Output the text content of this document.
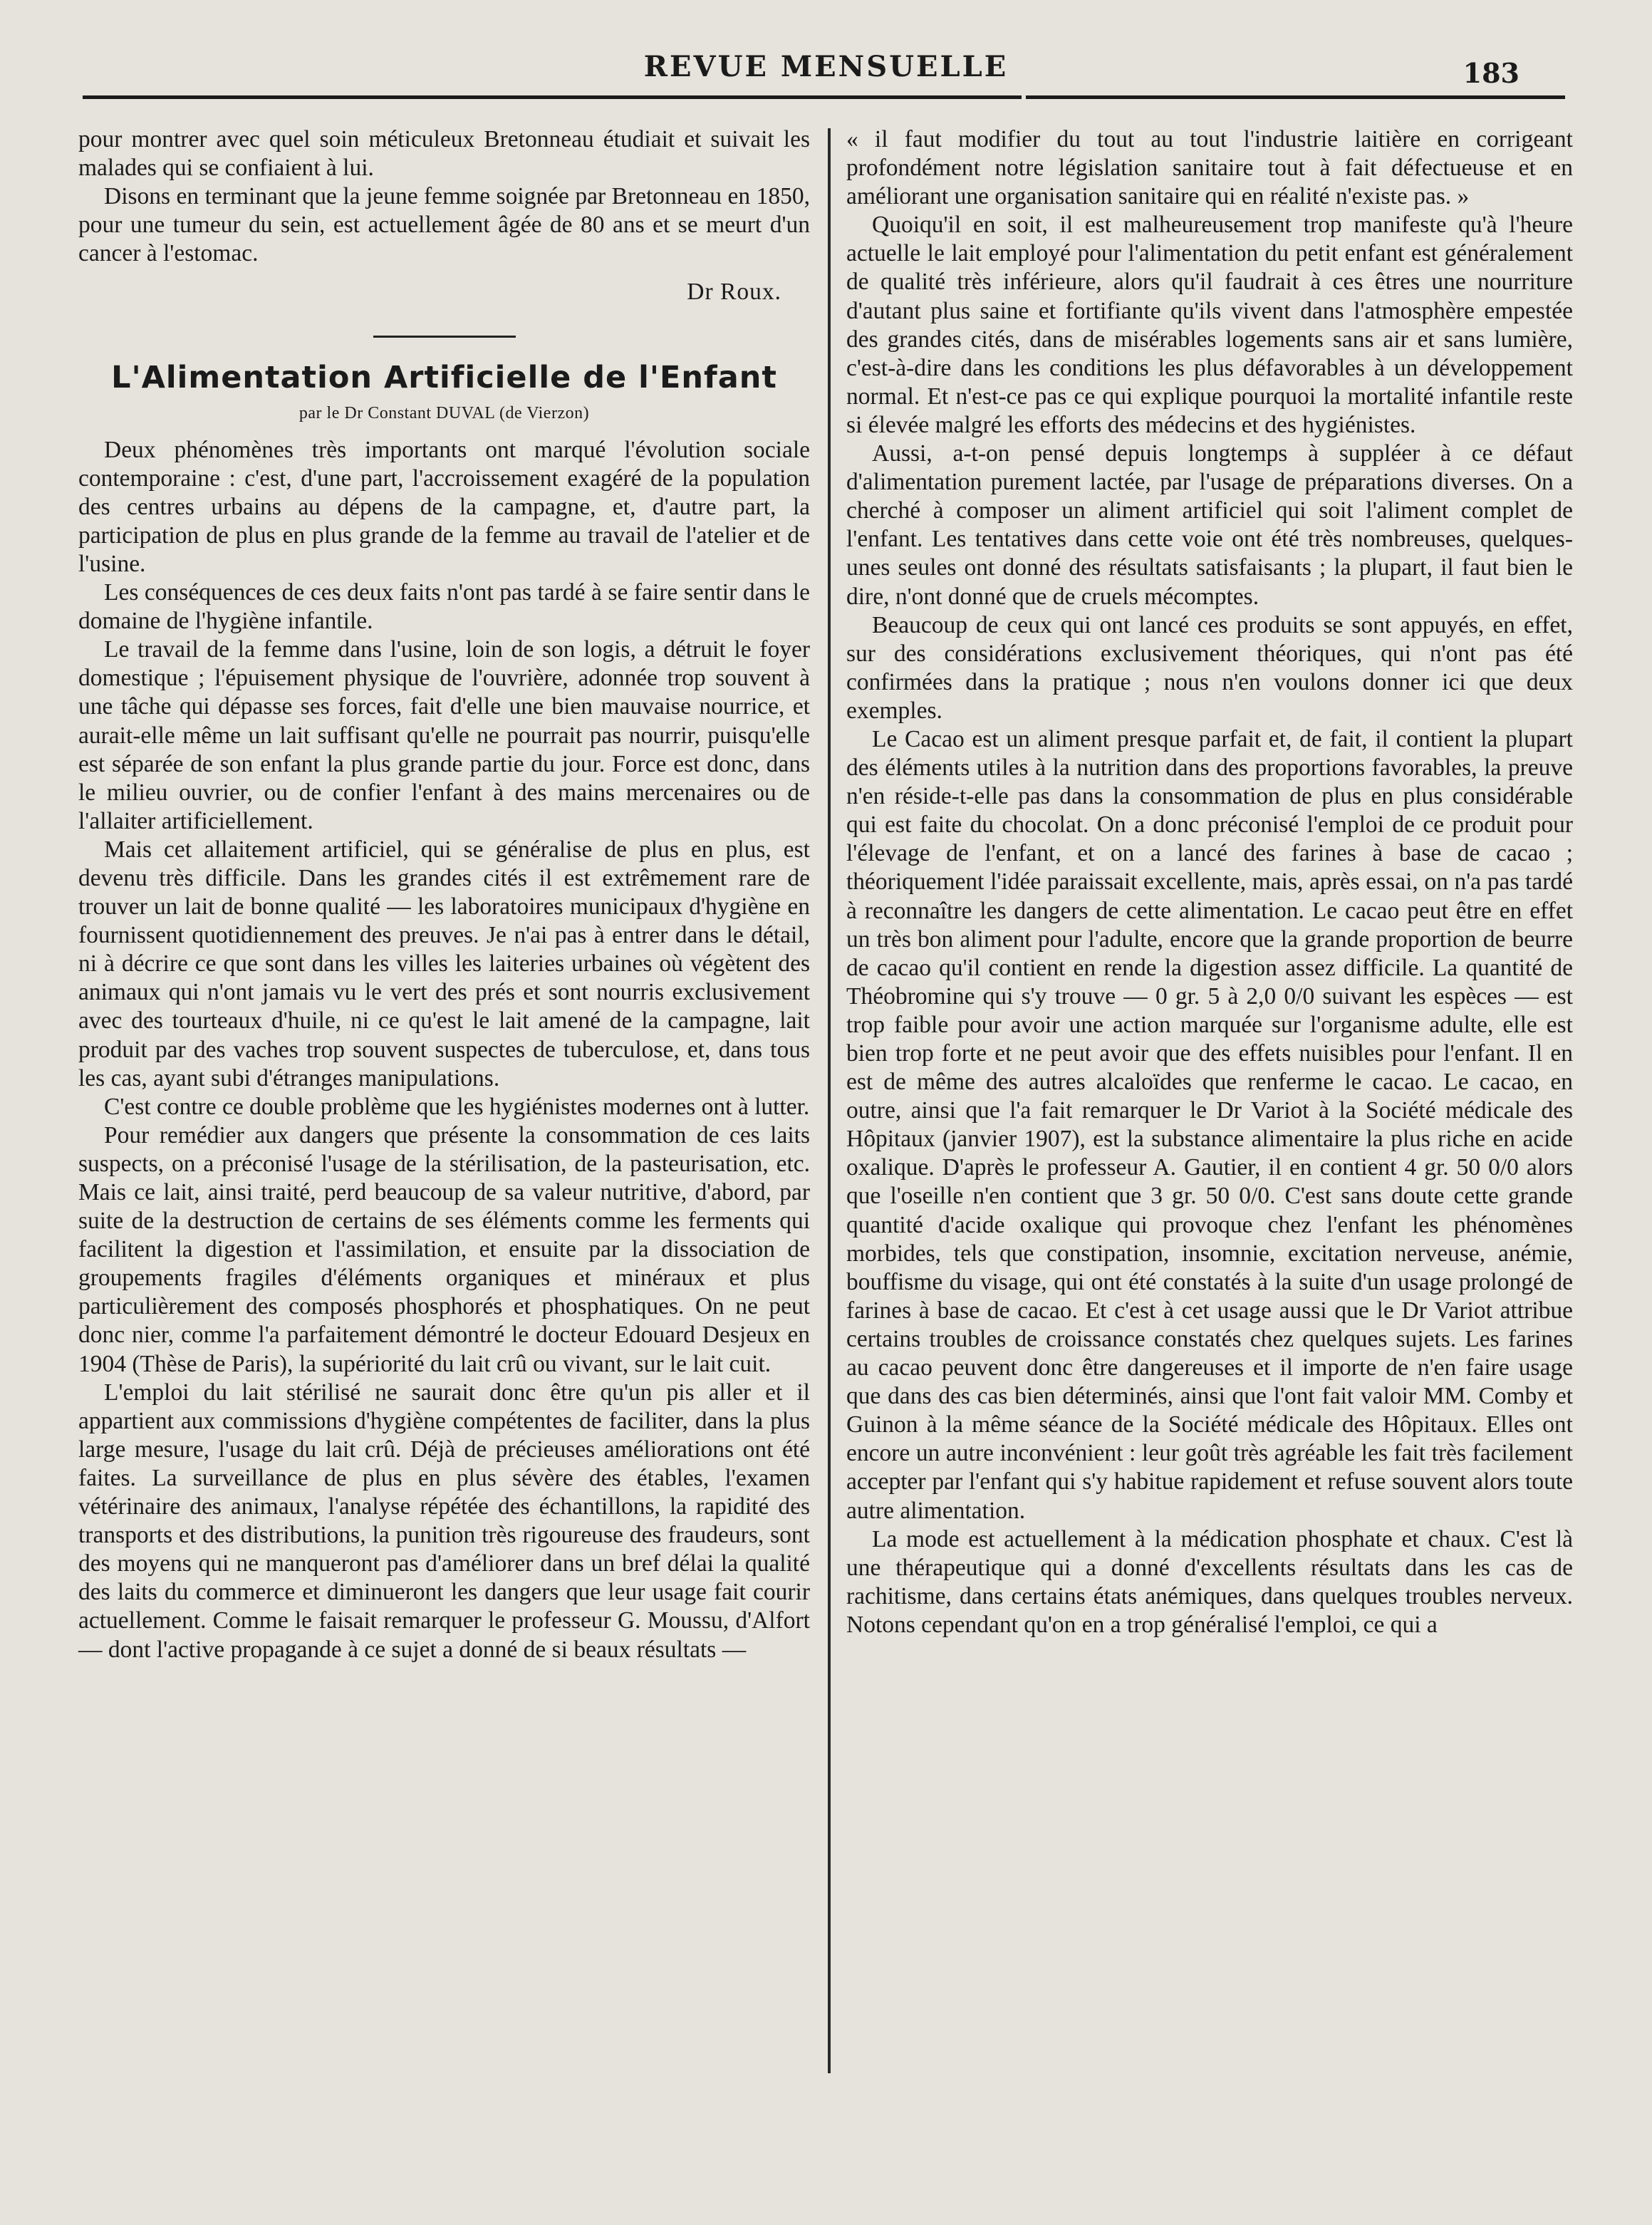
REVUE MENSUELLE	183

pour montrer avec quel soin méticuleux Bretonneau étudiait et suivait les malades qui se confiaient à lui.

Disons en terminant que la jeune femme soignée par Bretonneau en 1850, pour une tumeur du sein, est actuellement âgée de 80 ans et se meurt d'un cancer à l'estomac.

Dr Roux.

L'Alimentation Artificielle de l'Enfant

par le Dr Constant DUVAL (de Vierzon)

Deux phénomènes très importants ont marqué l'évolution sociale contemporaine : c'est, d'une part, l'accroissement exagéré de la population des centres urbains au dépens de la campagne, et, d'autre part, la participation de plus en plus grande de la femme au travail de l'atelier et de l'usine.

Les conséquences de ces deux faits n'ont pas tardé à se faire sentir dans le domaine de l'hygiène infantile.

Le travail de la femme dans l'usine, loin de son logis, a détruit le foyer domestique ; l'épuisement physique de l'ouvrière, adonnée trop souvent à une tâche qui dépasse ses forces, fait d'elle une bien mauvaise nourrice, et aurait-elle même un lait suffisant qu'elle ne pourrait pas nourrir, puisqu'elle est séparée de son enfant la plus grande partie du jour. Force est donc, dans le milieu ouvrier, ou de confier l'enfant à des mains mercenaires ou de l'allaiter artificiellement.

Mais cet allaitement artificiel, qui se généralise de plus en plus, est devenu très difficile. Dans les grandes cités il est extrêmement rare de trouver un lait de bonne qualité — les laboratoires municipaux d'hygiène en fournissent quotidiennement des preuves. Je n'ai pas à entrer dans le détail, ni à décrire ce que sont dans les villes les laiteries urbaines où végètent des animaux qui n'ont jamais vu le vert des prés et sont nourris exclusivement avec des tourteaux d'huile, ni ce qu'est le lait amené de la campagne, lait produit par des vaches trop souvent suspectes de tuberculose, et, dans tous les cas, ayant subi d'étranges manipulations.

C'est contre ce double problème que les hygiénistes modernes ont à lutter.

Pour remédier aux dangers que présente la consommation de ces laits suspects, on a préconisé l'usage de la stérilisation, de la pasteurisation, etc. Mais ce lait, ainsi traité, perd beaucoup de sa valeur nutritive, d'abord, par suite de la destruction de certains de ses éléments comme les ferments qui facilitent la digestion et l'assimilation, et ensuite par la dissociation de groupements fragiles d'éléments organiques et minéraux et plus particulièrement des composés phosphorés et phosphatiques. On ne peut donc nier, comme l'a parfaitement démontré le docteur Edouard Desjeux en 1904 (Thèse de Paris), la supériorité du lait crû ou vivant, sur le lait cuit.

L'emploi du lait stérilisé ne saurait donc être qu'un pis aller et il appartient aux commissions d'hygiène compétentes de faciliter, dans la plus large mesure, l'usage du lait crû. Déjà de précieuses améliorations ont été faites. La surveillance de plus en plus sévère des étables, l'examen vétérinaire des animaux, l'analyse répétée des échantillons, la rapidité des transports et des distributions, la punition très rigoureuse des fraudeurs, sont des moyens qui ne manqueront pas d'améliorer dans un bref délai la qualité des laits du commerce et diminueront les dangers que leur usage fait courir actuellement. Comme le faisait remarquer le professeur G. Moussu, d'Alfort — dont l'active propagande à ce sujet a donné de si beaux résultats —

« il faut modifier du tout au tout l'industrie laitière en corrigeant profondément notre législation sanitaire tout à fait défectueuse et en améliorant une organisation sanitaire qui en réalité n'existe pas. »

Quoiqu'il en soit, il est malheureusement trop manifeste qu'à l'heure actuelle le lait employé pour l'alimentation du petit enfant est généralement de qualité très inférieure, alors qu'il faudrait à ces êtres une nourriture d'autant plus saine et fortifiante qu'ils vivent dans l'atmosphère empestée des grandes cités, dans de misérables logements sans air et sans lumière, c'est-à-dire dans les conditions les plus défavorables à un développement normal. Et n'est-ce pas ce qui explique pourquoi la mortalité infantile reste si élevée malgré les efforts des médecins et des hygiénistes.

Aussi, a-t-on pensé depuis longtemps à suppléer à ce défaut d'alimentation purement lactée, par l'usage de préparations diverses. On a cherché à composer un aliment artificiel qui soit l'aliment complet de l'enfant. Les tentatives dans cette voie ont été très nombreuses, quelques-unes seules ont donné des résultats satisfaisants ; la plupart, il faut bien le dire, n'ont donné que de cruels mécomptes.

Beaucoup de ceux qui ont lancé ces produits se sont appuyés, en effet, sur des considérations exclusivement théoriques, qui n'ont pas été confirmées dans la pratique ; nous n'en voulons donner ici que deux exemples.

Le Cacao est un aliment presque parfait et, de fait, il contient la plupart des éléments utiles à la nutrition dans des proportions favorables, la preuve n'en réside-t-elle pas dans la consommation de plus en plus considérable qui est faite du chocolat. On a donc préconisé l'emploi de ce produit pour l'élevage de l'enfant, et on a lancé des farines à base de cacao ; théoriquement l'idée paraissait excellente, mais, après essai, on n'a pas tardé à reconnaître les dangers de cette alimentation. Le cacao peut être en effet un très bon aliment pour l'adulte, encore que la grande proportion de beurre de cacao qu'il contient en rende la digestion assez difficile. La quantité de Théobromine qui s'y trouve — 0 gr. 5 à 2,0 0/0 suivant les espèces — est trop faible pour avoir une action marquée sur l'organisme adulte, elle est bien trop forte et ne peut avoir que des effets nuisibles pour l'enfant. Il en est de même des autres alcaloïdes que renferme le cacao. Le cacao, en outre, ainsi que l'a fait remarquer le Dr Variot à la Société médicale des Hôpitaux (janvier 1907), est la substance alimentaire la plus riche en acide oxalique. D'après le professeur A. Gautier, il en contient 4 gr. 50 0/0 alors que l'oseille n'en contient que 3 gr. 50 0/0. C'est sans doute cette grande quantité d'acide oxalique qui provoque chez l'enfant les phénomènes morbides, tels que constipation, insomnie, excitation nerveuse, anémie, bouffisme du visage, qui ont été constatés à la suite d'un usage prolongé de farines à base de cacao. Et c'est à cet usage aussi que le Dr Variot attribue certains troubles de croissance constatés chez quelques sujets. Les farines au cacao peuvent donc être dangereuses et il importe de n'en faire usage que dans des cas bien déterminés, ainsi que l'ont fait valoir MM. Comby et Guinon à la même séance de la Société médicale des Hôpitaux. Elles ont encore un autre inconvénient : leur goût très agréable les fait très facilement accepter par l'enfant qui s'y habitue rapidement et refuse souvent alors toute autre alimentation.

La mode est actuellement à la médication phosphate et chaux. C'est là une thérapeutique qui a donné d'excellents résultats dans les cas de rachitisme, dans certains états anémiques, dans quelques troubles nerveux. Notons cependant qu'on en a trop généralisé l'emploi, ce qui a
